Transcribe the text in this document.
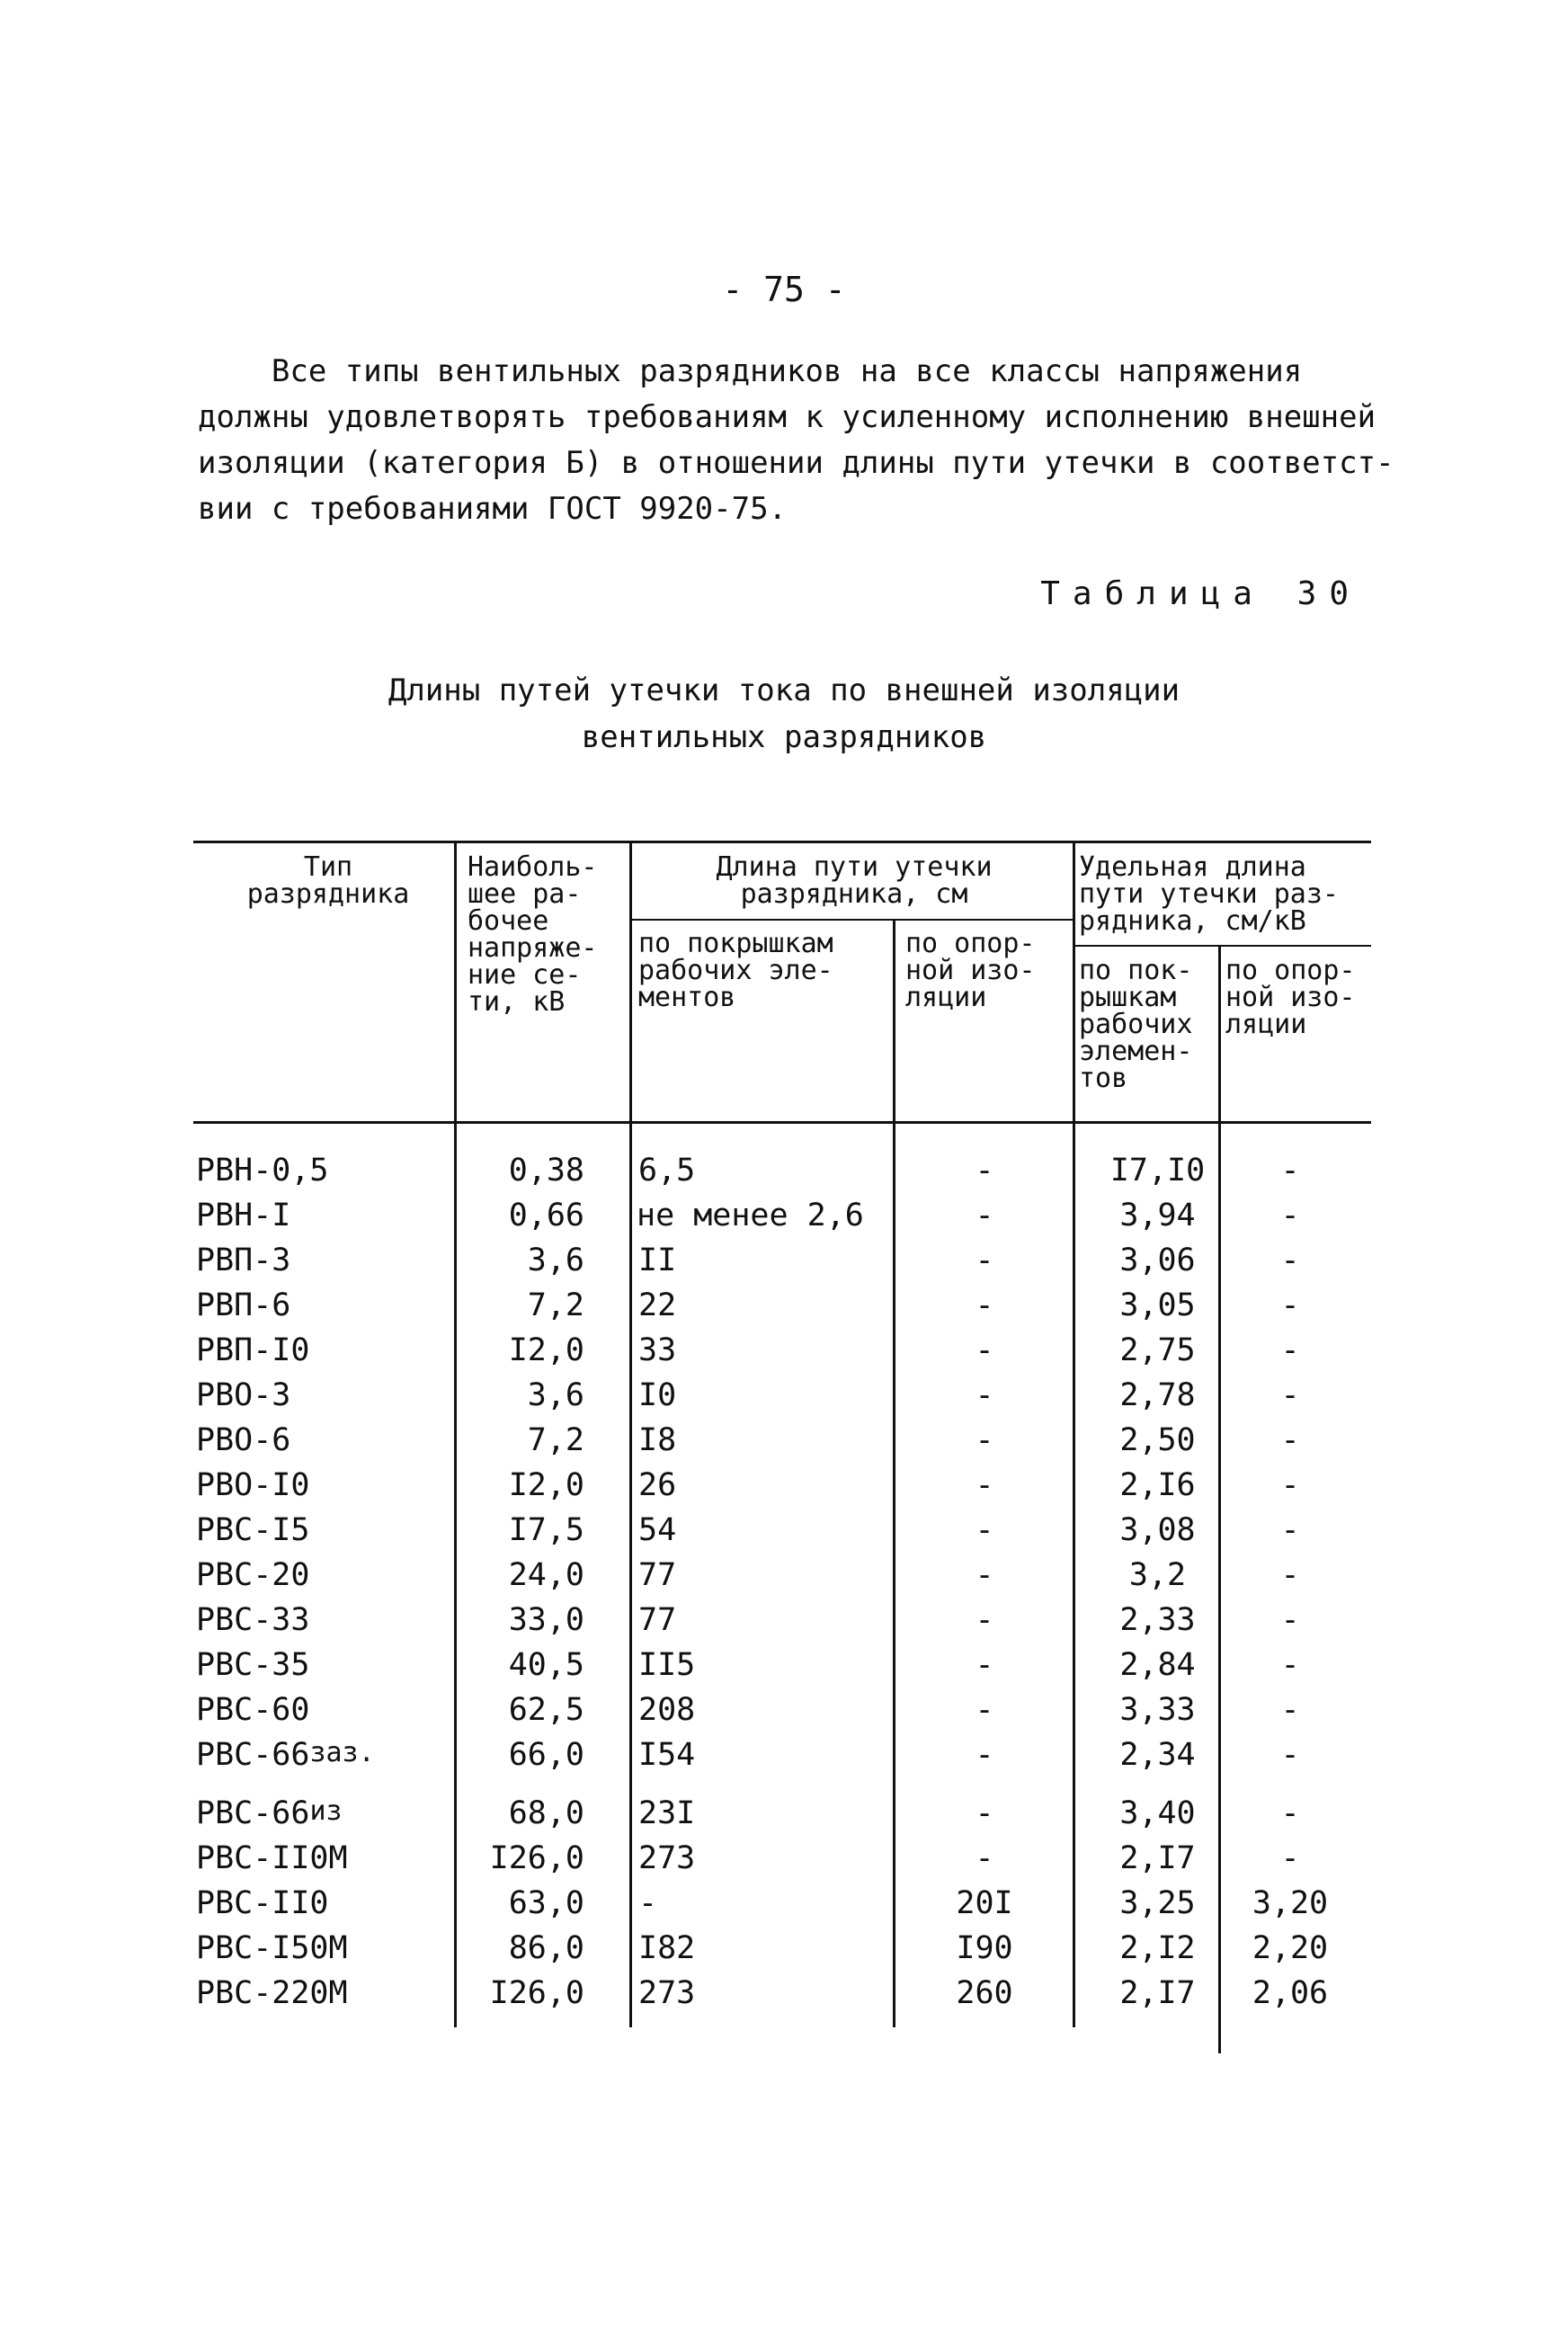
- 75 -
Все типы вентильных разрядников на все классы напряжения
должны удовлетворять требованиям к усиленному исполнению внешней
изоляции (категория Б) в отношении длины пути утечки в соответст-
вии с требованиями ГОСТ 9920-75.
Таблица 30
Длины путей утечки тока по внешней изоляции
вентильных разрядников
Тип
разрядника
Наиболь-
шее ра-
бочее
напряже-
ние се-
ти, кВ
Длина пути утечки
разрядника, см
по покрышкам
рабочих эле-
ментов
по опор-
ной изо-
ляции
Удельная длина
пути утечки раз-
рядника, см/кВ
по пок-
рышкам
рабочих
элемен-
тов
по опор-
ной изо-
ляции
РВН-0,5	0,38 6,5	-	I7,I0	-
РВН-I	0,66 не менее 2,6	-	3,94	-
РВП-3	3,6 II	-	3,06	-
РВП-6	7,2 22	-	3,05	-
РВП-I0	I2,0 33	-	2,75	-
РВО-3	3,6 I0	-	2,78	-
РВО-6	7,2 I8	-	2,50	-
РВО-I0	I2,0 26	-	2,I6	-
РВС-I5	I7,5 54	-	3,08	-
РВС-20	24,0 77	-	3,2	-
РВС-33	33,0 77	-	2,33	-
РВС-35	40,5 II5	-	2,84	-
РВС-60	62,5 208	-	3,33	-
РВС-66 заз.	66,0 I54	-	2,34	-
РВС-66 из	68,0 23I	-	3,40	-
РВС-II0М	I26,0 273	-	2,I7	-
РВС-II0	63,0 -	20I	3,25	3,20
РВС-I50М	86,0 I82	I90	2,I2	2,20
РВС-220М	I26,0 273	260	2,I7	2,06
